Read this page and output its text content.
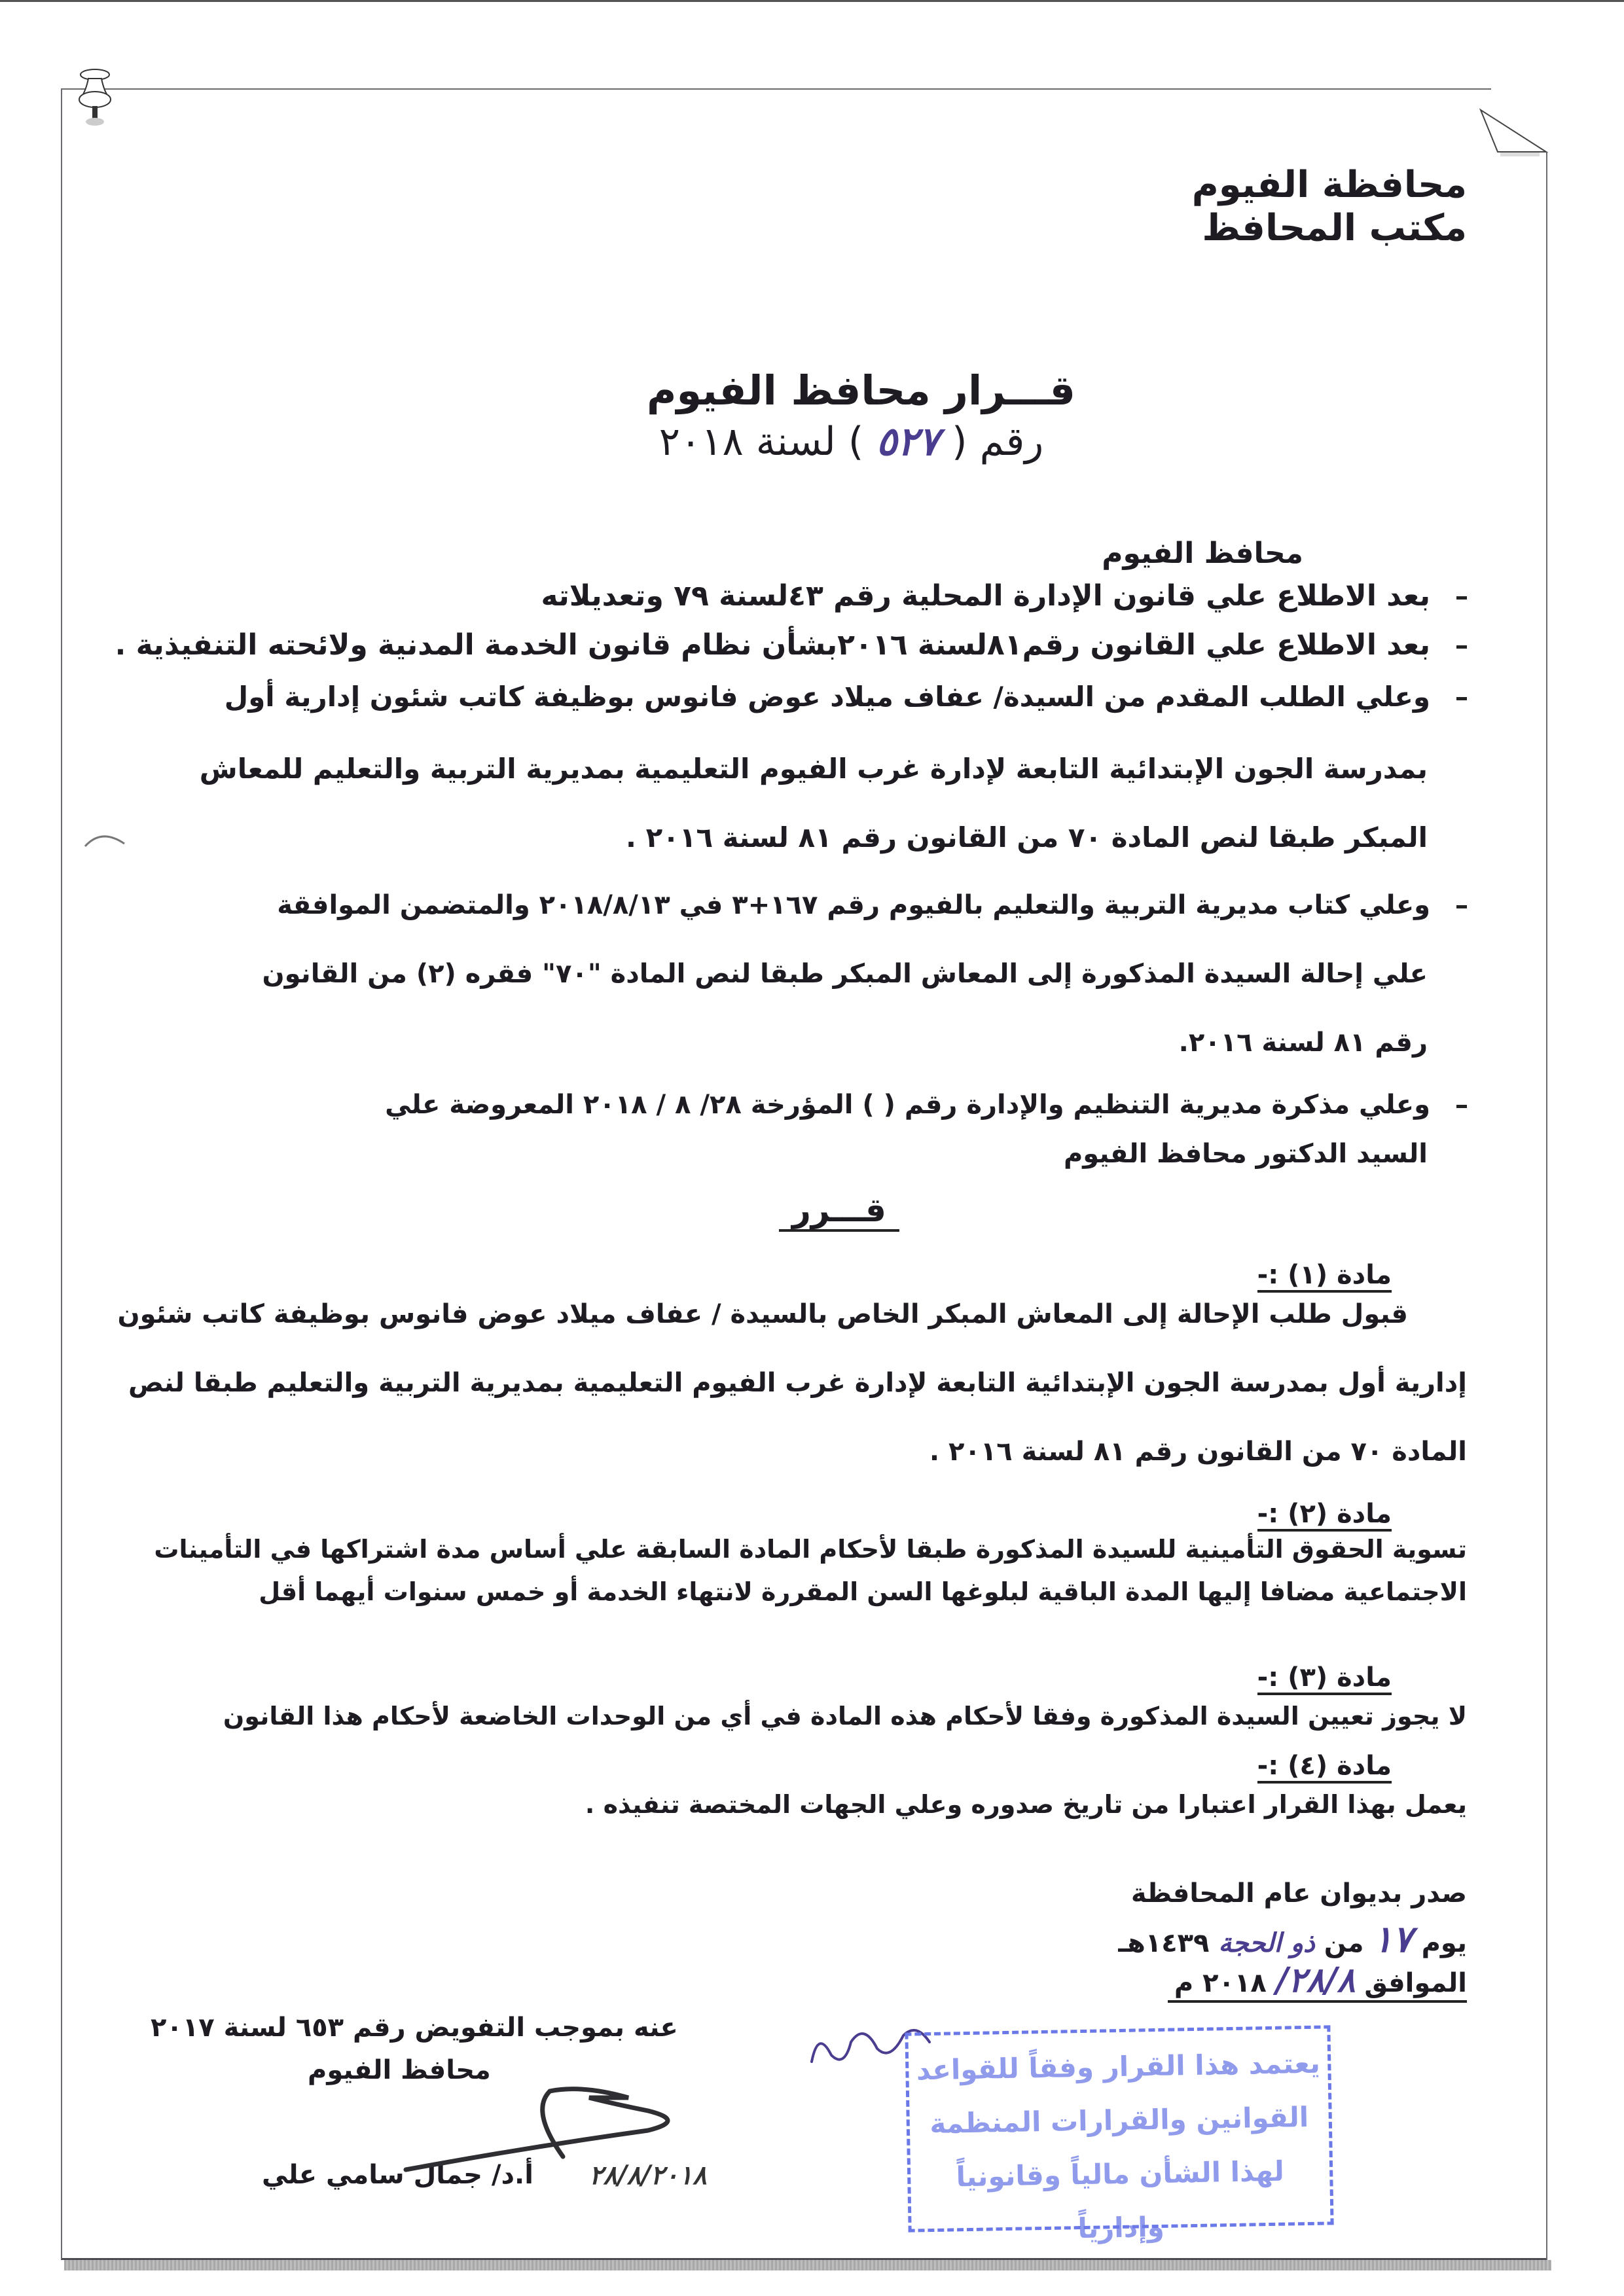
محافظة الفيوم
مكتب المحافظ
قـــرار محافظ الفيوم
رقم ( ٥٢٧ ) لسنة ٢٠١٨
محافظ الفيوم
بعد الاطلاع علي قانون الإدارة المحلية رقم ٤٣لسنة ٧٩ وتعديلاته
بعد الاطلاع علي القانون رقم٨١لسنة ٢٠١٦بشأن نظام قانون الخدمة المدنية ولائحته التنفيذية .
وعلي الطلب المقدم من السيدة/ عفاف ميلاد عوض فانوس بوظيفة كاتب شئون إدارية أول
بمدرسة الجون الإبتدائية التابعة لإدارة غرب الفيوم التعليمية بمديرية التربية والتعليم للمعاش
المبكر طبقا لنص المادة ٧٠ من القانون رقم ٨١ لسنة ٢٠١٦ .
وعلي كتاب مديرية التربية والتعليم بالفيوم رقم ١٦٧+٣ في ٢٠١٨/٨/١٣ والمتضمن الموافقة
علي إحالة السيدة المذكورة إلى المعاش المبكر طبقا لنص المادة "٧٠" فقره (٢) من القانون
رقم ٨١ لسنة ٢٠١٦.
وعلي مذكرة مديرية التنظيم والإدارة رقم ( ) المؤرخة ٢٨/ ٨ / ٢٠١٨ المعروضة علي
السيد الدكتور محافظ الفيوم
قـــرر
مادة (١) :-
قبول طلب الإحالة إلى المعاش المبكر الخاص بالسيدة / عفاف ميلاد عوض فانوس بوظيفة كاتب شئون
إدارية أول بمدرسة الجون الإبتدائية التابعة لإدارة غرب الفيوم التعليمية بمديرية التربية والتعليم طبقا لنص
المادة ٧٠ من القانون رقم ٨١ لسنة ٢٠١٦ .
مادة (٢) :-
تسوية الحقوق التأمينية للسيدة المذكورة طبقا لأحكام المادة السابقة علي أساس مدة اشتراكها في التأمينات
الاجتماعية مضافا إليها المدة الباقية لبلوغها السن المقررة لانتهاء الخدمة أو خمس سنوات أيهما أقل
مادة (٣) :-
لا يجوز تعيين السيدة المذكورة وفقا لأحكام هذه المادة في أي من الوحدات الخاضعة لأحكام هذا القانون
مادة (٤) :-
يعمل بهذا القرار اعتبارا من تاريخ صدوره وعلي الجهات المختصة تنفيذه .
صدر بديوان عام المحافظة
يوم ١٧ من ذو الحجة ١٤٣٩هـ
الموافق ٢٨/٨/ ٢٠١٨ م
عنه بموجب التفويض رقم ٦٥٣ لسنة ٢٠١٧
محافظ الفيوم
أ.د/ جمال سامي علي ٢٨/٨/٢٠١٨
يعتمد هذا القرار وفقاً للقواعد
القوانين والقرارات المنظمة
لهذا الشأن مالياً وقانونياً وإدارياً
